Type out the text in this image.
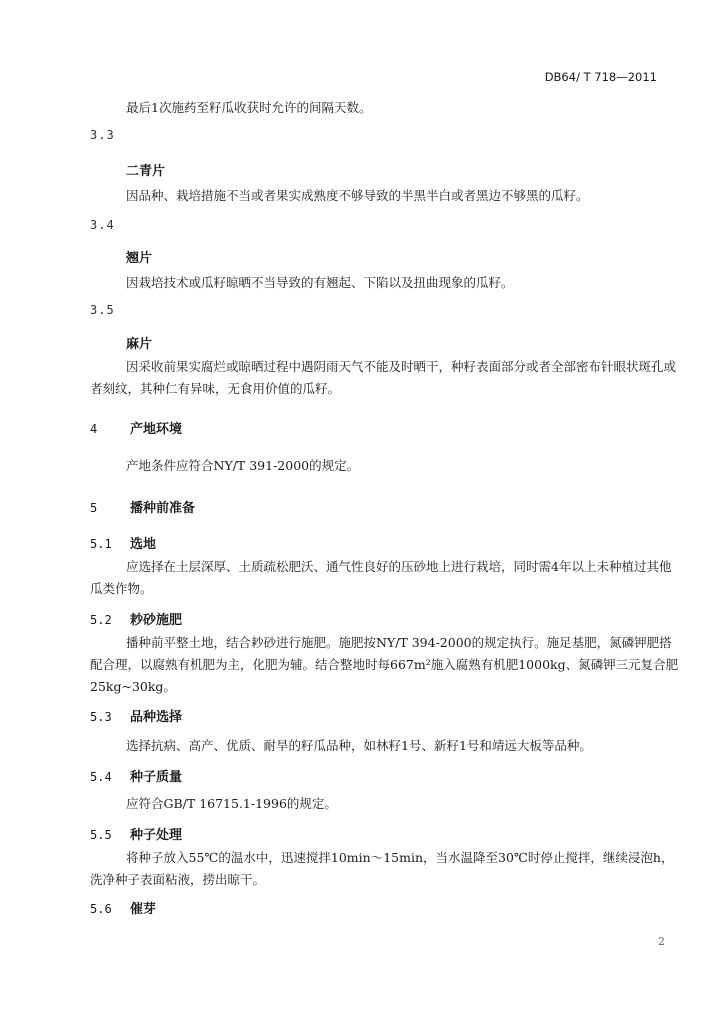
DB64/ T 718—2011
最后1次施药至籽瓜收获时允许的间隔天数。
3.3
二青片
因品种、栽培措施不当或者果实成熟度不够导致的半黑半白或者黑边不够黑的瓜籽。
3.4
翘片
因栽培技术或瓜籽晾晒不当导致的有翘起、下陷以及扭曲现象的瓜籽。
3.5
麻片
因采收前果实腐烂或晾晒过程中遇阴雨天气不能及时晒干，种籽表面部分或者全部密布针眼状斑孔或者刻纹，其种仁有异味，无食用价值的瓜籽。
4	产地环境
产地条件应符合NY/T 391-2000的规定。
5	播种前准备
5.1 选地
应选择在土层深厚、土质疏松肥沃、通气性良好的压砂地上进行栽培，同时需4年以上未种植过其他瓜类作物。
5.2 耖砂施肥
播种前平整土地，结合耖砂进行施肥。施肥按NY/T 394-2000的规定执行。施足基肥，氮磷钾肥搭配合理，以腐熟有机肥为主，化肥为辅。结合整地时每667m²施入腐熟有机肥1000kg、氮磷钾三元复合肥25kg~30kg。
5.3 品种选择
选择抗病、高产、优质、耐旱的籽瓜品种，如林籽1号、新籽1号和靖远大板等品种。
5.4 种子质量
应符合GB/T 16715.1-1996的规定。
5.5 种子处理
将种子放入55℃的温水中，迅速搅拌10min～15min，当水温降至30℃时停止搅拌，继续浸泡h，洗净种子表面粘液，捞出晾干。
5.6 催芽
2
